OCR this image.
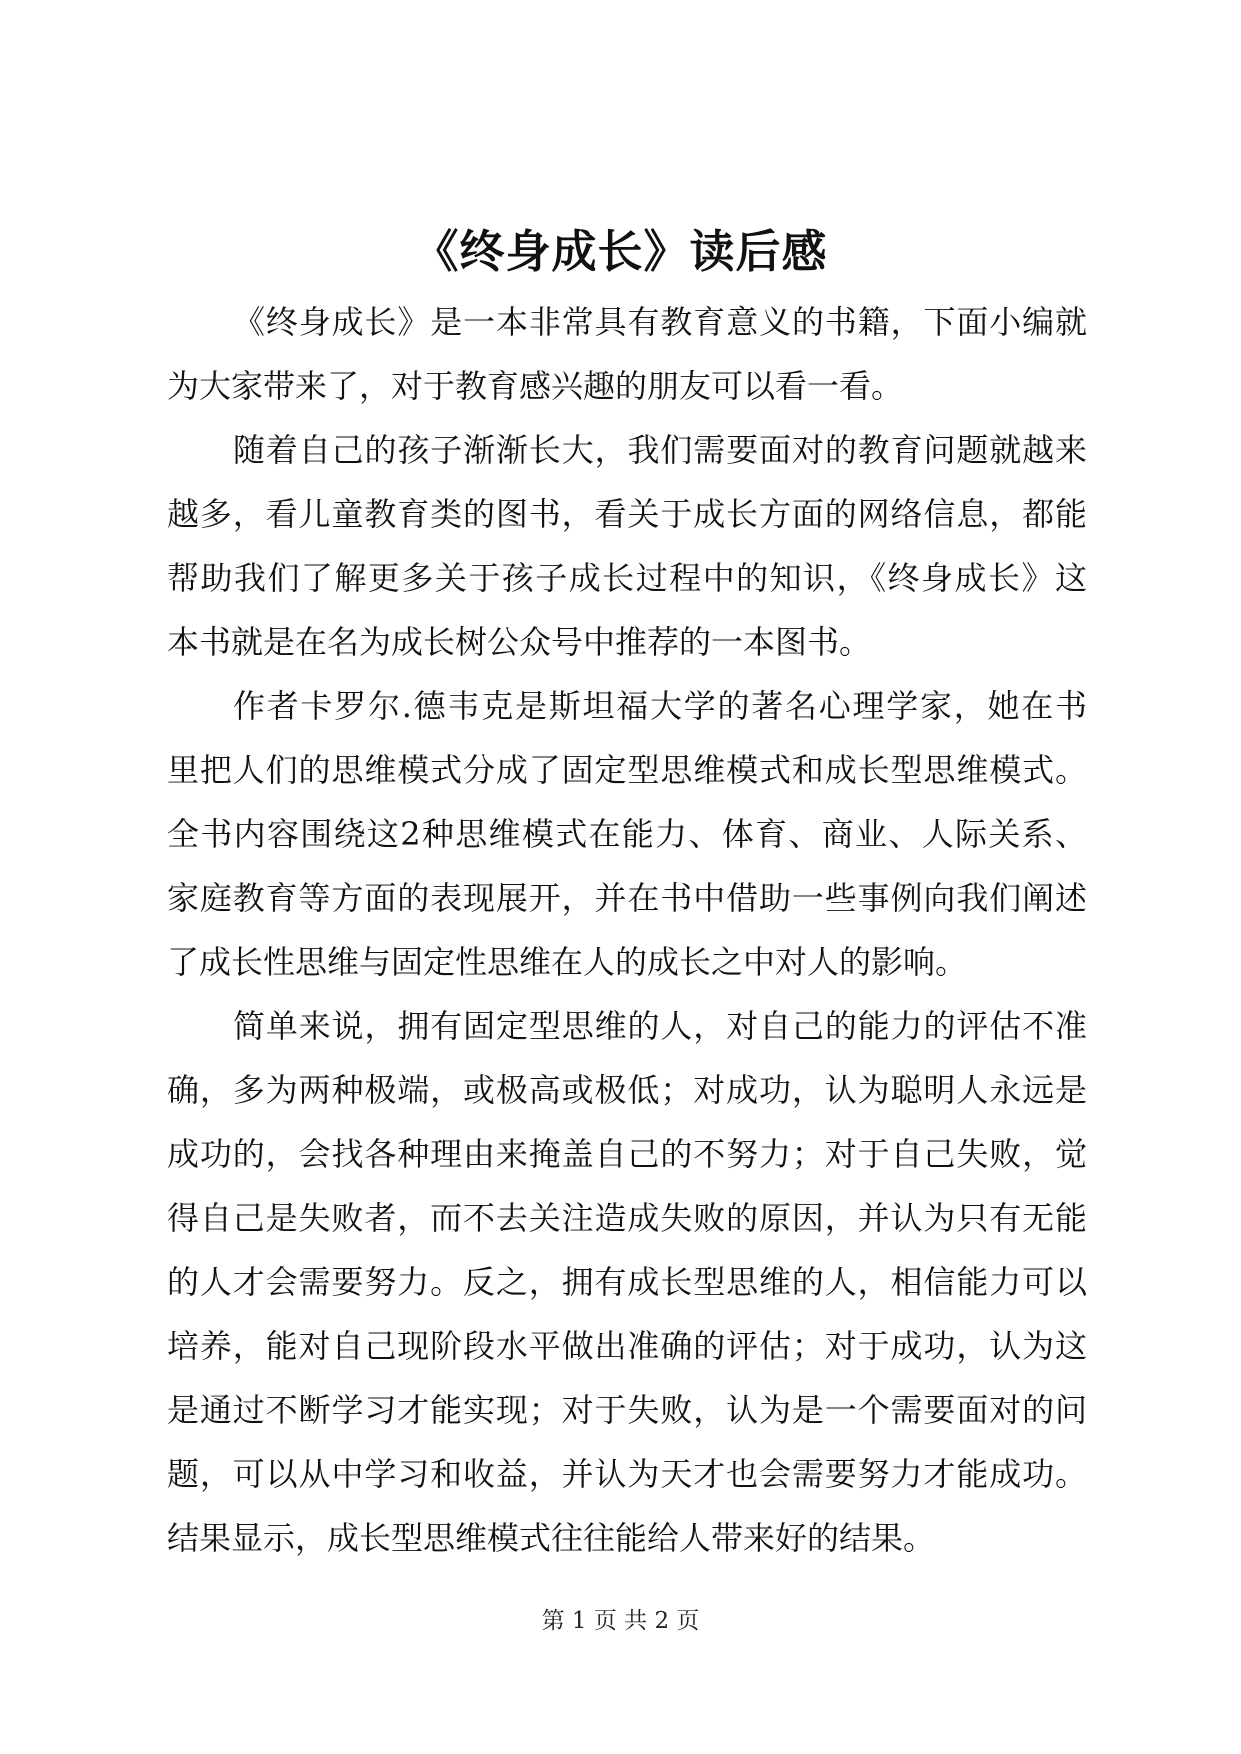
《终身成长》读后感
《终身成长》是一本非常具有教育意义的书籍，下面小编就
为大家带来了，对于教育感兴趣的朋友可以看一看。
随着自己的孩子渐渐长大，我们需要面对的教育问题就越来
越多，看儿童教育类的图书，看关于成长方面的网络信息，都能
帮助我们了解更多关于孩子成长过程中的知识，《终身成长》这
本书就是在名为成长树公众号中推荐的一本图书。
作者卡罗尔.德韦克是斯坦福大学的著名心理学家，她在书
里把人们的思维模式分成了固定型思维模式和成长型思维模式。
全书内容围绕这2种思维模式在能力、体育、商业、人际关系、
家庭教育等方面的表现展开，并在书中借助一些事例向我们阐述
了成长性思维与固定性思维在人的成长之中对人的影响。
简单来说，拥有固定型思维的人，对自己的能力的评估不准
确，多为两种极端，或极高或极低；对成功，认为聪明人永远是
成功的，会找各种理由来掩盖自己的不努力；对于自己失败，觉
得自己是失败者，而不去关注造成失败的原因，并认为只有无能
的人才会需要努力。反之，拥有成长型思维的人，相信能力可以
培养，能对自己现阶段水平做出准确的评估；对于成功，认为这
是通过不断学习才能实现；对于失败，认为是一个需要面对的问
题，可以从中学习和收益，并认为天才也会需要努力才能成功。
结果显示，成长型思维模式往往能给人带来好的结果。
第 1 页 共 2 页
